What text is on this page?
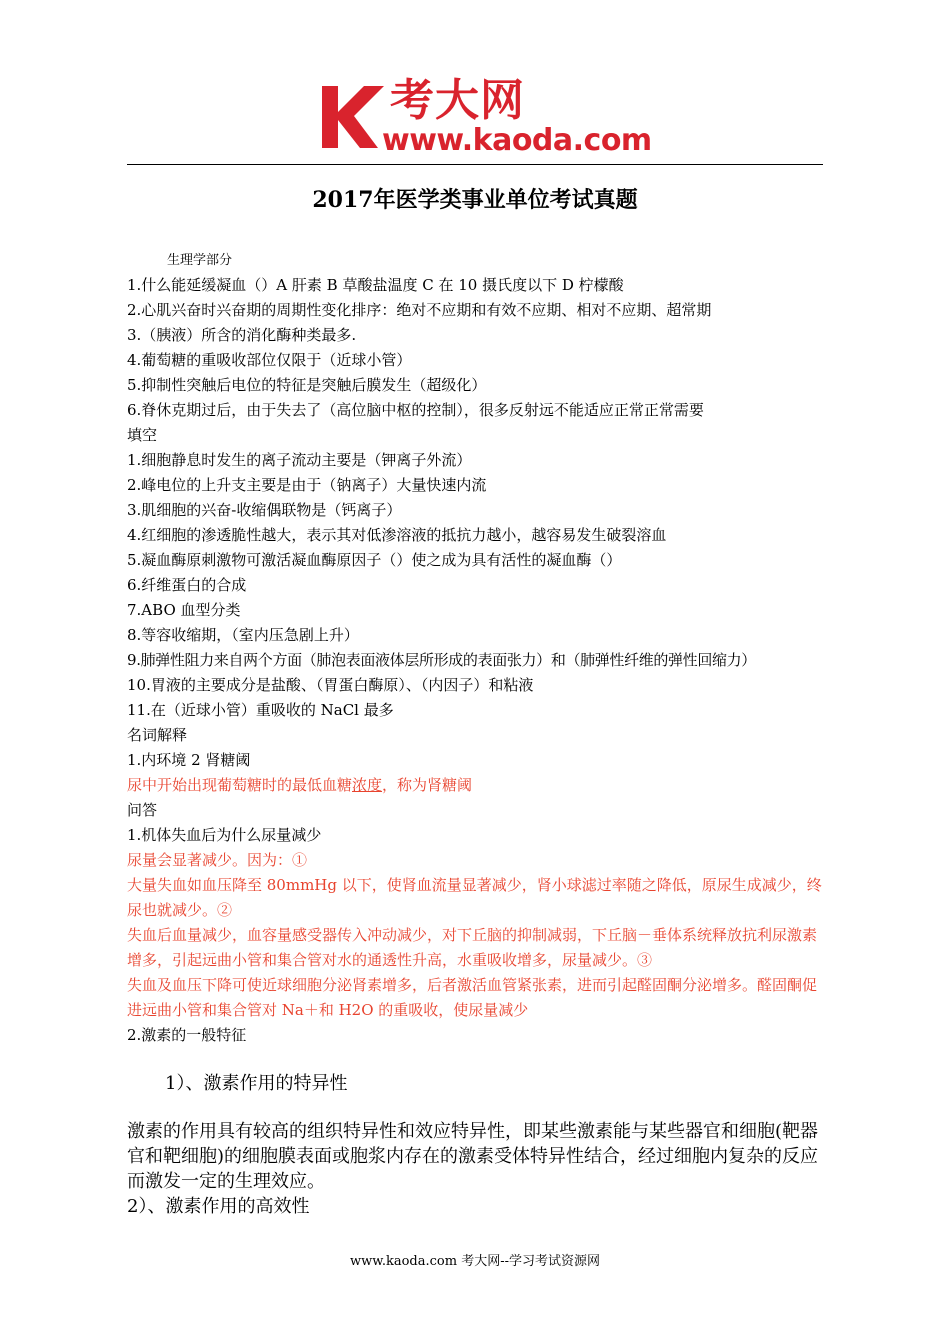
考大网
www.kaoda.com
2017年医学类事业单位考试真题
生理学部分
1.什么能延缓凝血（）A 肝素 B 草酸盐温度 C 在 10 摄氏度以下 D 柠檬酸
2.心肌兴奋时兴奋期的周期性变化排序：绝对不应期和有效不应期、相对不应期、超常期
3.（胰液）所含的消化酶种类最多.
4.葡萄糖的重吸收部位仅限于（近球小管）
5.抑制性突触后电位的特征是突触后膜发生（超级化）
6.脊休克期过后，由于失去了（高位脑中枢的控制），很多反射远不能适应正常正常需要
填空
1.细胞静息时发生的离子流动主要是（钾离子外流）
2.峰电位的上升支主要是由于（钠离子）大量快速内流
3.肌细胞的兴奋-收缩偶联物是（钙离子）
4.红细胞的渗透脆性越大，表示其对低渗溶液的抵抗力越小，越容易发生破裂溶血
5.凝血酶原刺激物可激活凝血酶原因子（）使之成为具有活性的凝血酶（）
6.纤维蛋白的合成
7.ABO 血型分类
8.等容收缩期，（室内压急剧上升）
9.肺弹性阻力来自两个方面（肺泡表面液体层所形成的表面张力）和（肺弹性纤维的弹性回缩力）
10.胃液的主要成分是盐酸、（胃蛋白酶原）、（内因子）和粘液
11.在（近球小管）重吸收的 NaCl 最多
名词解释
1.内环境 2 肾糖阈
尿中开始出现葡萄糖时的最低血糖浓度，称为肾糖阈
问答
1.机体失血后为什么尿量减少
尿量会显著减少。因为：①
大量失血如血压降至 80mmHg 以下，使肾血流量显著减少，肾小球滤过率随之降低，原尿生成减少，终尿也就减少。②
失血后血量减少，血容量感受器传入冲动减少，对下丘脑的抑制减弱，下丘脑－垂体系统释放抗利尿激素增多，引起远曲小管和集合管对水的通透性升高，水重吸收增多，尿量减少。③
失血及血压下降可使近球细胞分泌肾素增多，后者激活血管紧张素，进而引起醛固酮分泌增多。醛固酮促进远曲小管和集合管对 Na＋和 H2O 的重吸收，使尿量减少
2.激素的一般特征
1）、激素作用的特异性
激素的作用具有较高的组织特异性和效应特异性，即某些激素能与某些器官和细胞(靶器官和靶细胞)的细胞膜表面或胞浆内存在的激素受体特异性结合，经过细胞内复杂的反应而激发一定的生理效应。
2）、激素作用的高效性
www.kaoda.com 考大网--学习考试资源网
